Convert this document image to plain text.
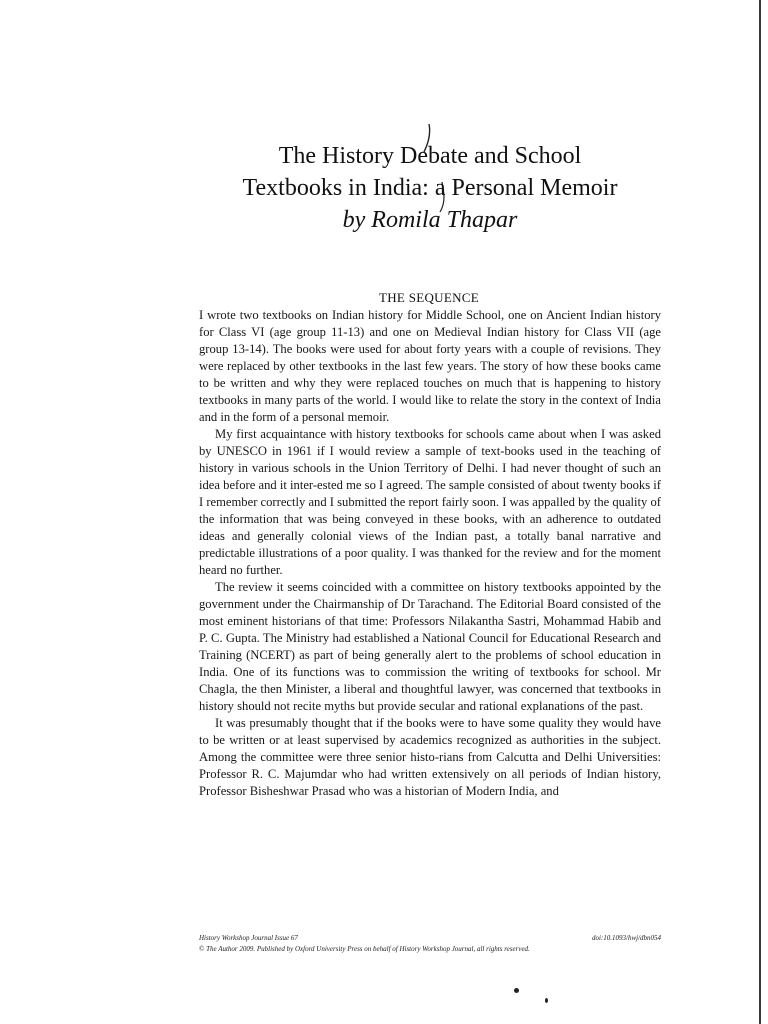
The History Debate and School
Textbooks in India: a Personal Memoir
by Romila Thapar
THE SEQUENCE

I wrote two textbooks on Indian history for Middle School, one on Ancient Indian history for Class VI (age group 11-13) and one on Medieval Indian history for Class VII (age group 13-14). The books were used for about forty years with a couple of revisions. They were replaced by other textbooks in the last few years. The story of how these books came to be written and why they were replaced touches on much that is happening to history textbooks in many parts of the world. I would like to relate the story in the context of India and in the form of a personal memoir.

My first acquaintance with history textbooks for schools came about when I was asked by UNESCO in 1961 if I would review a sample of text-books used in the teaching of history in various schools in the Union Territory of Delhi. I had never thought of such an idea before and it inter-ested me so I agreed. The sample consisted of about twenty books if I remember correctly and I submitted the report fairly soon. I was appalled by the quality of the information that was being conveyed in these books, with an adherence to outdated ideas and generally colonial views of the Indian past, a totally banal narrative and predictable illustrations of a poor quality. I was thanked for the review and for the moment heard no further.

The review it seems coincided with a committee on history textbooks appointed by the government under the Chairmanship of Dr Tarachand. The Editorial Board consisted of the most eminent historians of that time: Professors Nilakantha Sastri, Mohammad Habib and P. C. Gupta. The Ministry had established a National Council for Educational Research and Training (NCERT) as part of being generally alert to the problems of school education in India. One of its functions was to commission the writing of textbooks for school. Mr Chagla, the then Minister, a liberal and thoughtful lawyer, was concerned that textbooks in history should not recite myths but provide secular and rational explanations of the past.

It was presumably thought that if the books were to have some quality they would have to be written or at least supervised by academics recognized as authorities in the subject. Among the committee were three senior histo-rians from Calcutta and Delhi Universities: Professor R. C. Majumdar who had written extensively on all periods of Indian history, Professor Bisheshwar Prasad who was a historian of Modern India, and

History Workshop Journal Issue 67	doi:10.1093/hwj/dbn054
© The Author 2009. Published by Oxford University Press on behalf of History Workshop Journal, all rights reserved.
